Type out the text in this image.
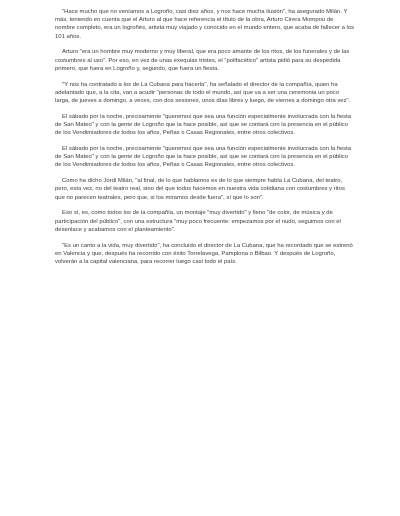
"Hace mucho que no veníamos a Logroño, casi diez años, y nos hace mucha ilusión", ha asegurado Milán. Y más, teniendo en cuenta que el Arturo al que hace referencia el título de la obra, Arturo Cirera Mompou de nombre completo, era un logroñés, artista muy viajado y conocido en el mundo entero, que acaba de fallecer a los 101 años.

Arturo "era un hombre muy moderno y muy liberal, que era poco amante de los ritos, de los funerales y de las costumbres al uso". Por eso, en vez de unas exequias tristes, el "polifacético" artista pidió para su despedida primero, que fuera en Logroño y, segundo, que fuera un fiesta.

"Y nos ha contratado a los de La Cubana para hacerla", ha señalado el director de la compañía, quien ha adelantado que, a la cita, van a acudir "personas de todo el mundo, así que va a ser una ceremonia un poco larga, de jueves a domingo, a veces, con dos sesiones, unos días libres y luego, de viernes a domingo otra vez".

El sábado por la noche, precisamente "queremos que sea una función especialmente involucrada con la fiesta de San Mateo" y con la gente de Logroño que la hace posible, así que se contará con la presencia en el público de los Vendimiadores de todos los años, Peñas o Casas Regionales, entre otros colectivos.

El sábado por la noche, precisamente "queremos que sea una función especialmente involucrada con la fiesta de San Mateo" y con la gente de Logroño que la hace posible, así que se contará con la presencia en el público de los Vendimiadores de todos los años, Peñas o Casas Regionales, entre otros colectivos.

Como ha dicho Jordi Milán, "al final, de lo que hablamos es de lo que siempre habla La Cubana, del teatro, pero, esta vez, no del teatro real, sino del que todos hacemos en nuestra vida cotidiana con costumbres y ritos que no parecen teatrales, pero que, si los miramos desde fuera", sí que lo son".

Eso sí, es, como todos los de la compañía, un montaje "muy divertido" y lleno "de color, de música y de participación del público", con una estructura "muy poco frecuente: empezamos por el nudo, seguimos con el desenlace y acabamos con el planteamiento".

"Es un canto a la vida, muy divertido", ha concluido el director de La Cubana, que ha recordado que se estrenó en Valencia y que, después ha recorrido con éxito Torrelavega, Pamplona o Bilbao. Y después de Logroño, volverán a la capital valenciana, para recorrer luego casi todo el país.
